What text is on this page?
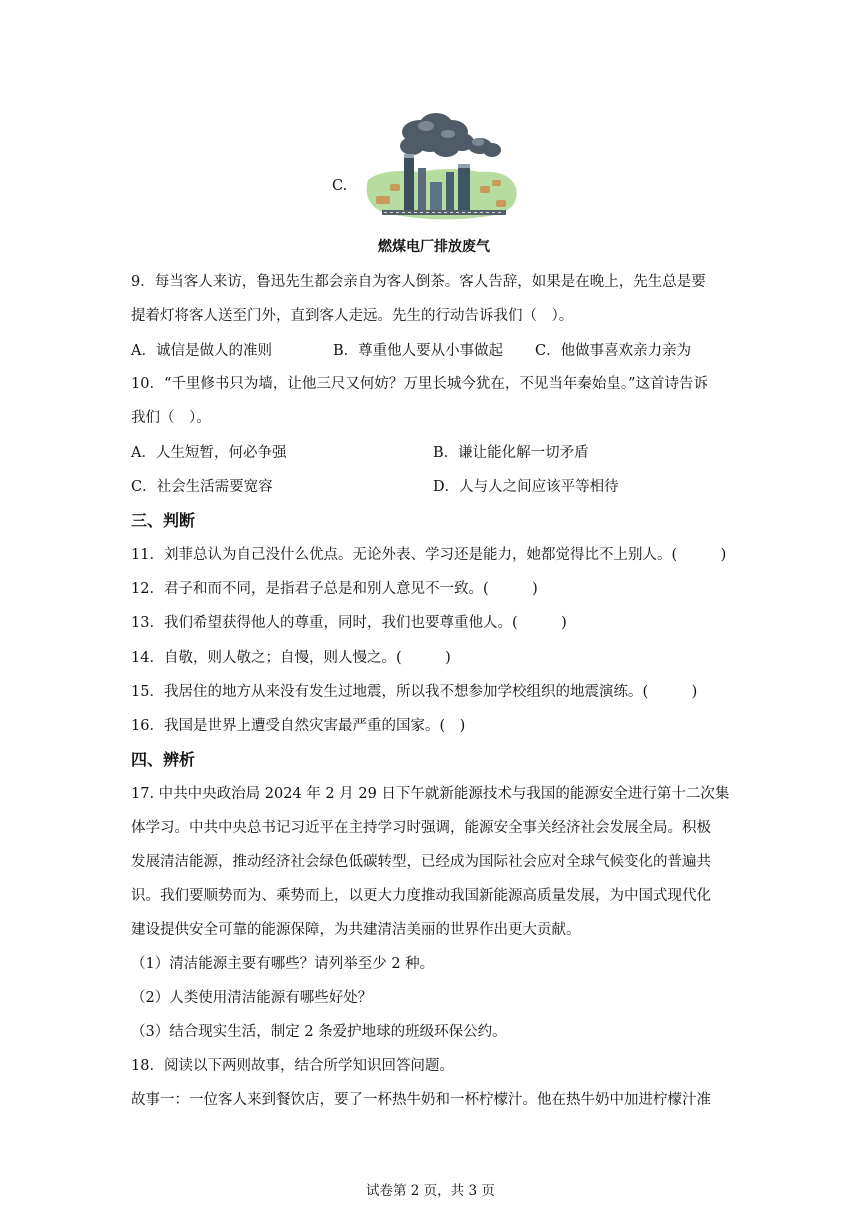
C.
燃煤电厂排放废气
9．每当客人来访，鲁迅先生都会亲自为客人倒茶。客人告辞，如果是在晚上，先生总是要
提着灯将客人送至门外，直到客人走远。先生的行动告诉我们（　）。
A．诚信是做人的准则	B．尊重他人要从小事做起 C．他做事喜欢亲力亲为
10．“千里修书只为墙，让他三尺又何妨？万里长城今犹在，不见当年秦始皇。”这首诗告诉
我们（　）。
A．人生短暂，何必争强	B．谦让能化解一切矛盾
C．社会生活需要宽容	D．人与人之间应该平等相待
三、判断
11．刘菲总认为自己没什么优点。无论外表、学习还是能力，她都觉得比不上别人。(　　　)
12．君子和而不同，是指君子总是和别人意见不一致。(　　　)
13．我们希望获得他人的尊重，同时，我们也要尊重他人。(　　　)
14．自敬，则人敬之；自慢，则人慢之。(　　　)
15．我居住的地方从来没有发生过地震，所以我不想参加学校组织的地震演练。(　　　)
16．我国是世界上遭受自然灾害最严重的国家。(　)
四、辨析
17. 中共中央政治局 2024 年 2 月 29 日下午就新能源技术与我国的能源安全进行第十二次集
体学习。中共中央总书记习近平在主持学习时强调，能源安全事关经济社会发展全局。积极
发展清洁能源，推动经济社会绿色低碳转型，已经成为国际社会应对全球气候变化的普遍共
识。我们要顺势而为、乘势而上，以更大力度推动我国新能源高质量发展，为中国式现代化
建设提供安全可靠的能源保障，为共建清洁美丽的世界作出更大贡献。
（1）清洁能源主要有哪些？请列举至少 2 种。
（2）人类使用清洁能源有哪些好处？
（3）结合现实生活，制定 2 条爱护地球的班级环保公约。
18．阅读以下两则故事，结合所学知识回答问题。
故事一：一位客人来到餐饮店，要了一杯热牛奶和一杯柠檬汁。他在热牛奶中加进柠檬汁准
试卷第 2 页，共 3 页
